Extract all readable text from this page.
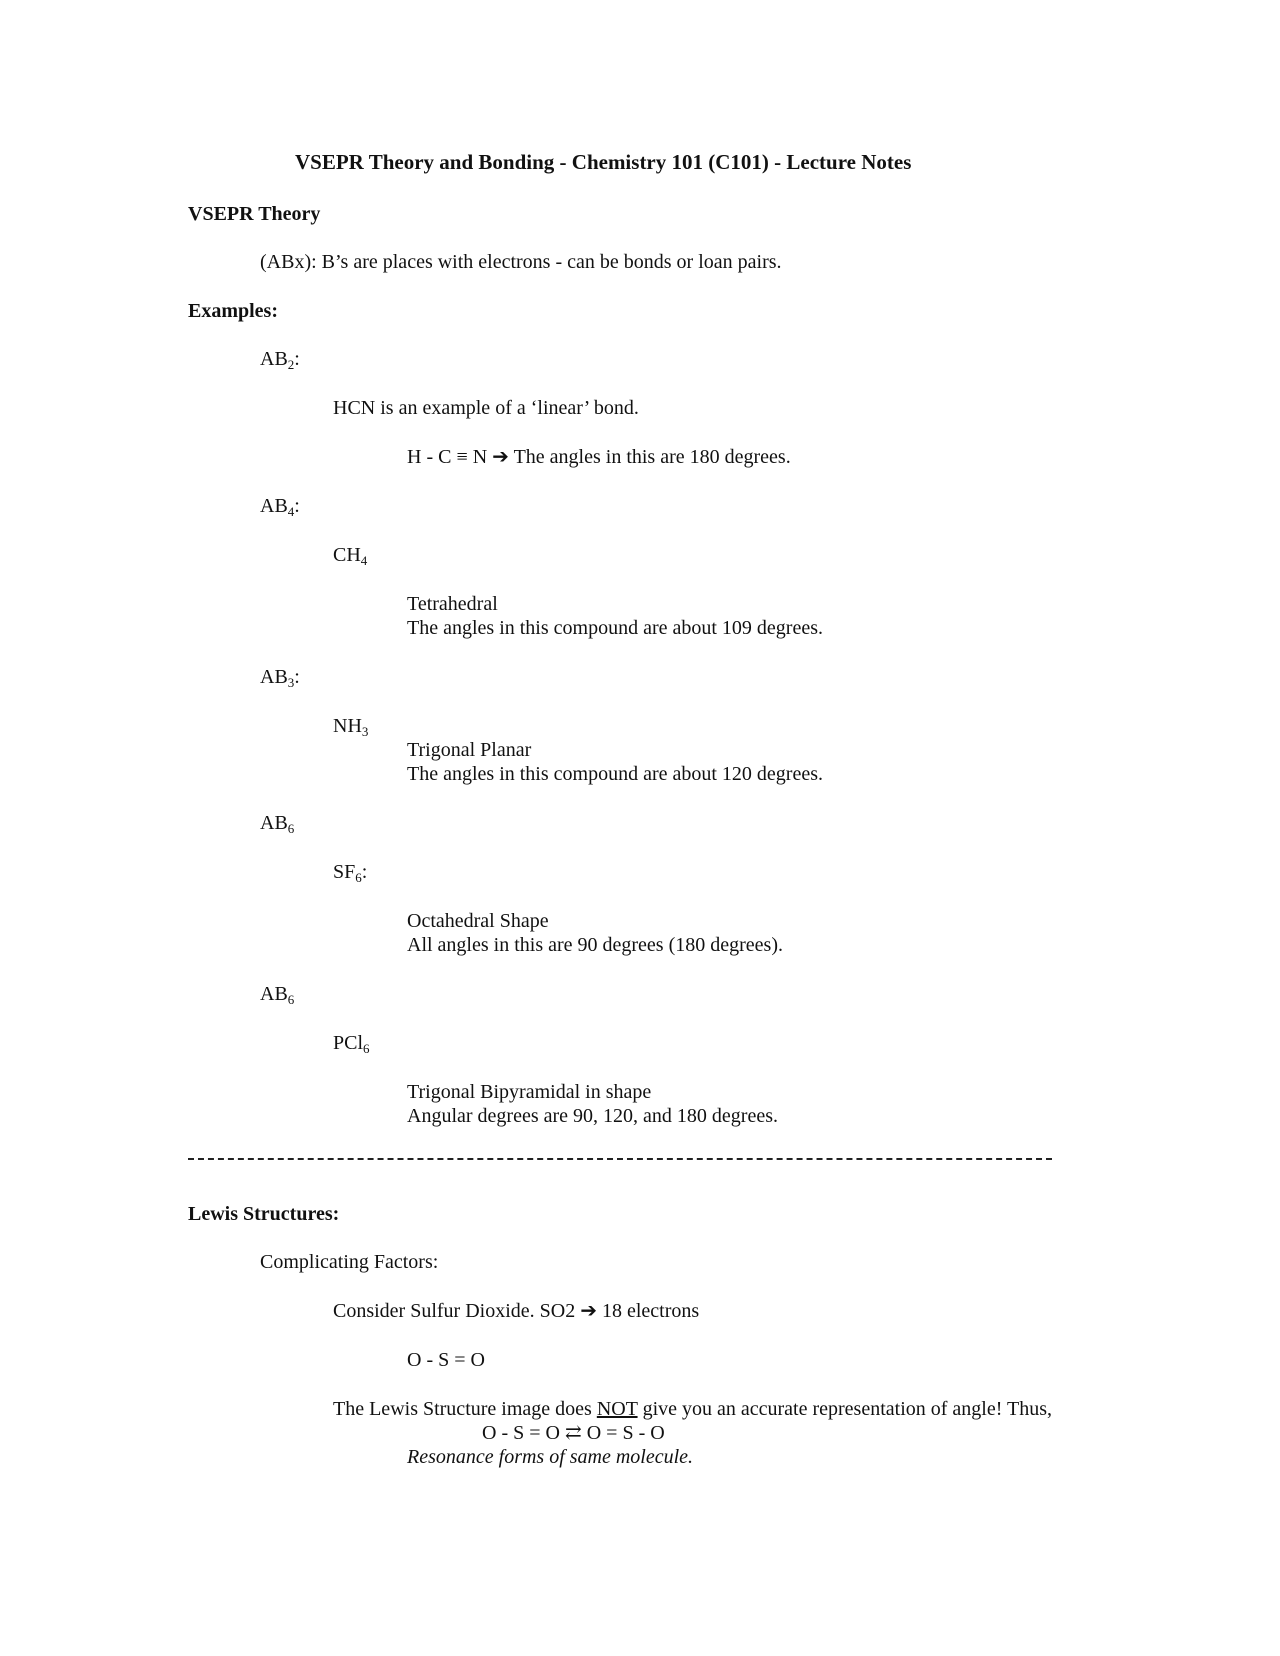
VSEPR Theory and Bonding - Chemistry 101 (C101) - Lecture Notes
VSEPR Theory
(ABx): B’s are places with electrons - can be bonds or loan pairs.
Examples:
$AB_2$:
HCN is an example of a ‘linear’ bond.
H - C ≡ N ➔ The angles in this are 180 degrees.
$AB_4$:
$CH_4$
Tetrahedral
The angles in this compound are about 109 degrees.
$AB_3$:
$NH_3$
Trigonal Planar
The angles in this compound are about 120 degrees.
$AB_6$
$SF_6$:
Octahedral Shape
All angles in this are 90 degrees (180 degrees).
$AB_6$
PCl$_6$
Trigonal Bipyramidal in shape
Angular degrees are 90, 120, and 180 degrees.
Lewis Structures:
Complicating Factors:
Consider Sulfur Dioxide. SO2 ➔ 18 electrons
O - S = O
The Lewis Structure image does NOT give you an accurate representation of angle! Thus,
O - S = O ⇄ O = S - O
Resonance forms of same molecule.
